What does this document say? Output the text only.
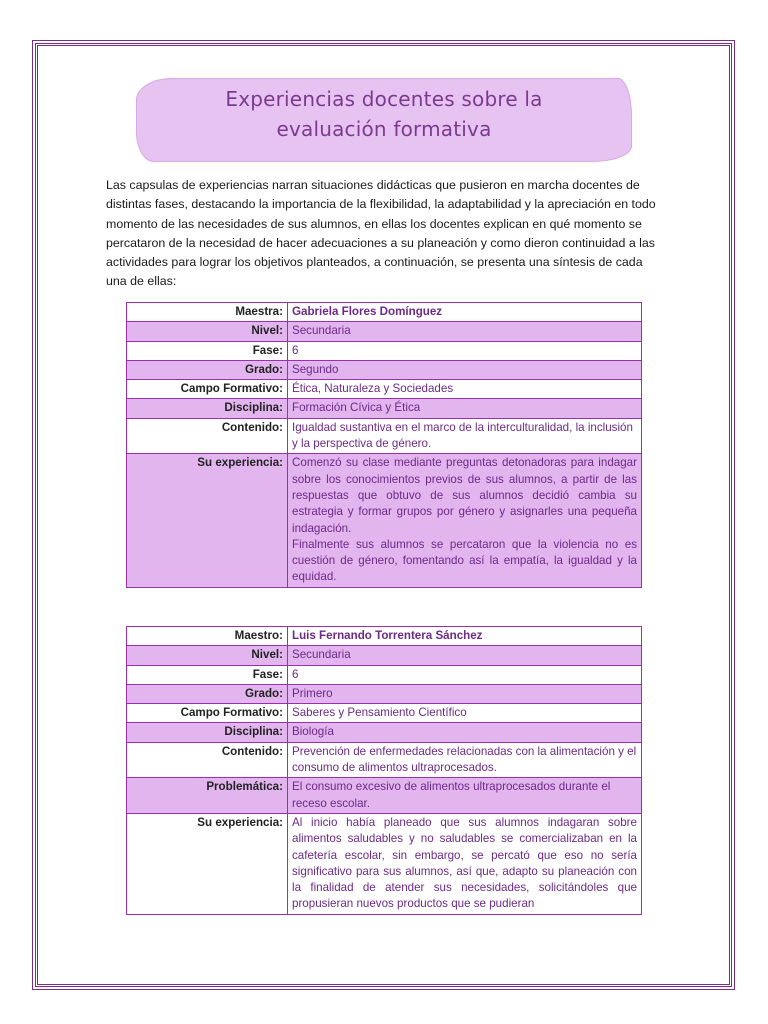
Experiencias docentes sobre la
evaluación formativa

Las capsulas de experiencias narran situaciones didácticas que pusieron en marcha docentes de distintas fases, destacando la importancia de la flexibilidad, la adaptabilidad y la apreciación en todo momento de las necesidades de sus alumnos, en ellas los docentes explican en qué momento se percataron de la necesidad de hacer adecuaciones a su planeación y como dieron continuidad a las actividades para lograr los objetivos planteados, a continuación, se presenta una síntesis de cada una de ellas:

Maestra:	Gabriela Flores Domínguez
Nivel:	Secundaria
Fase:	6
Grado:	Segundo
Campo Formativo:	Ética, Naturaleza y Sociedades
Disciplina:	Formación Cívica y Ética
Contenido:	Igualdad sustantiva en el marco de la interculturalidad, la inclusión y la perspectiva de género.
Su experiencia:	Comenzó su clase mediante preguntas detonadoras para indagar sobre los conocimientos previos de sus alumnos, a partir de las respuestas que obtuvo de sus alumnos decidió cambia su estrategia y formar grupos por género y asignarles una pequeña indagación.
Finalmente sus alumnos se percataron que la violencia no es cuestión de género, fomentando así la empatía, la igualdad y la equidad.
Maestro:	Luis Fernando Torrentera Sánchez
Nivel:	Secundaria
Fase:	6
Grado:	Primero
Campo Formativo:	Saberes y Pensamiento Científico
Disciplina:	Biología
Contenido:	Prevención de enfermedades relacionadas con la alimentación y el consumo de alimentos ultraprocesados.
Problemática:	El consumo excesivo de alimentos ultraprocesados durante el receso escolar.
Su experiencia:	Al inicio había planeado que sus alumnos indagaran sobre alimentos saludables y no saludables se comercializaban en la cafetería escolar, sin embargo, se percató que eso no sería significativo para sus alumnos, así que, adapto su planeación con la finalidad de atender sus necesidades, solicitándoles que propusieran nuevos productos que se pudieran
